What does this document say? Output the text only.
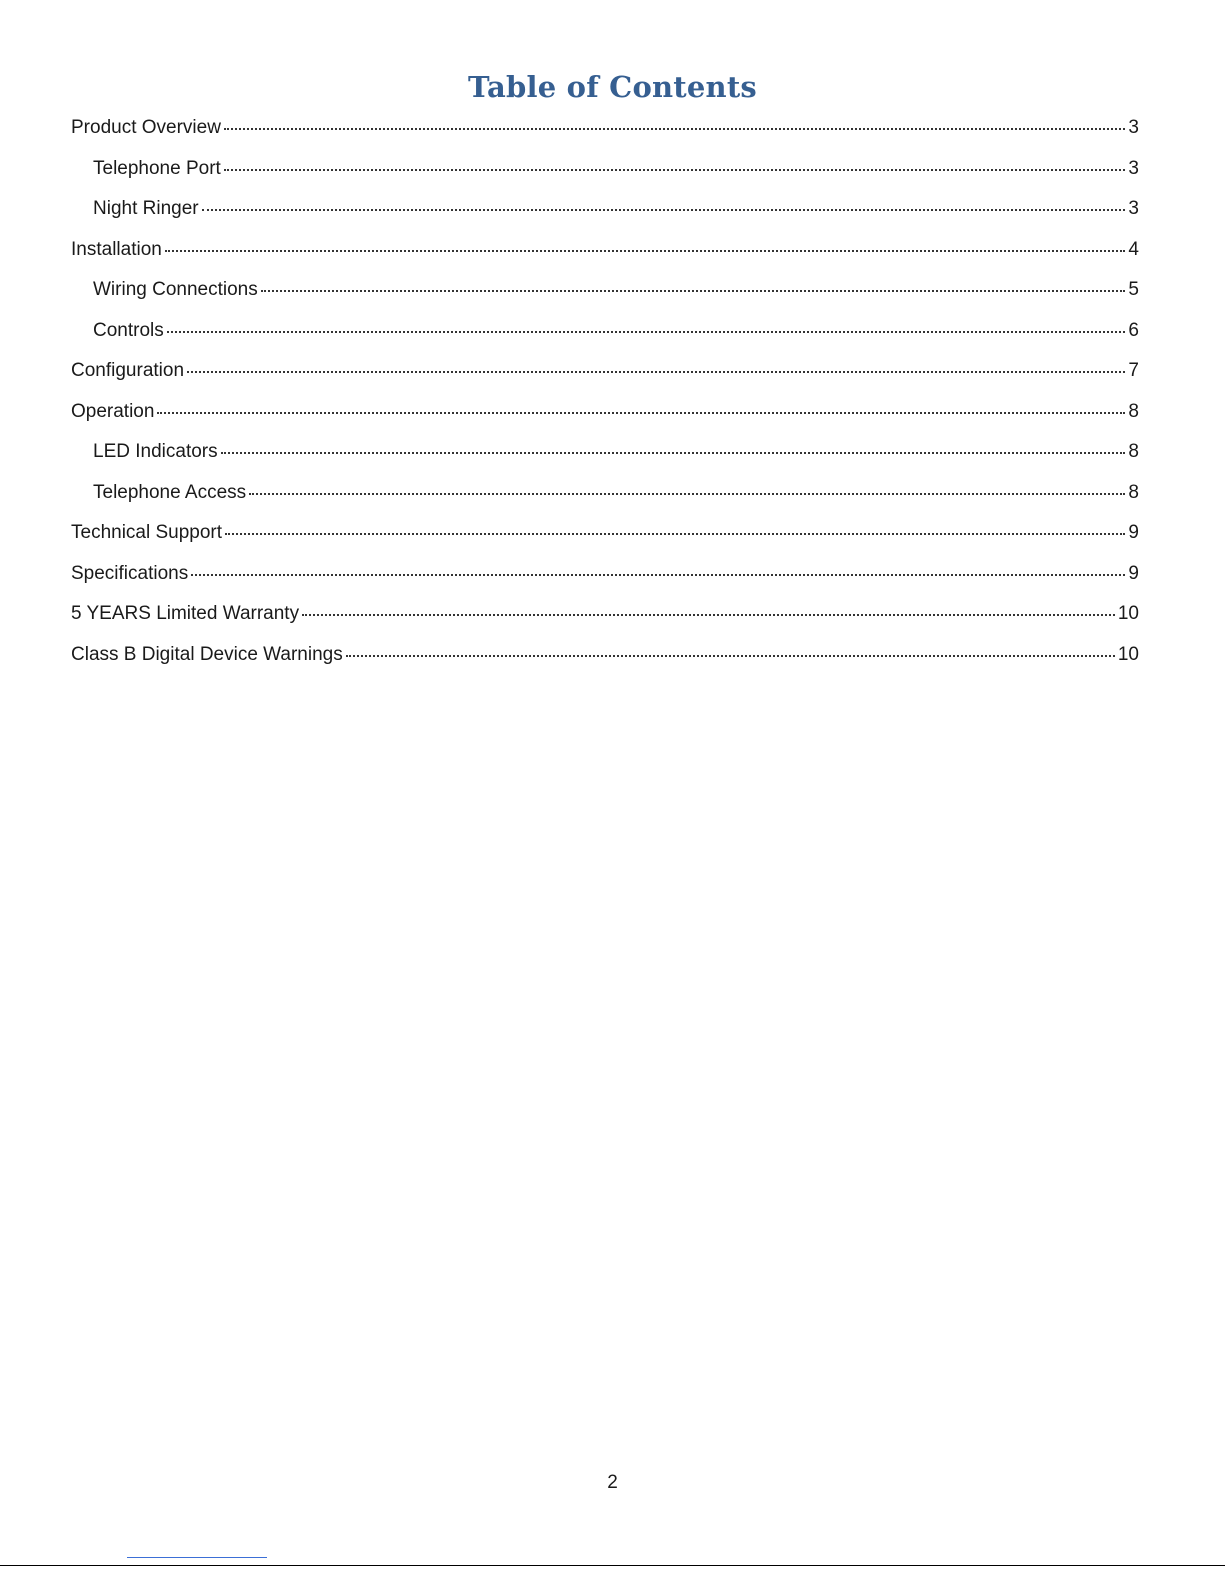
Table of Contents
Product Overview	3
Telephone Port	3
Night Ringer	3
Installation	4
Wiring Connections	5
Controls	6
Configuration	7
Operation	8
LED Indicators	8
Telephone Access	8
Technical Support	9
Specifications	9
5 YEARS Limited Warranty	10
Class B Digital Device Warnings	10

2
